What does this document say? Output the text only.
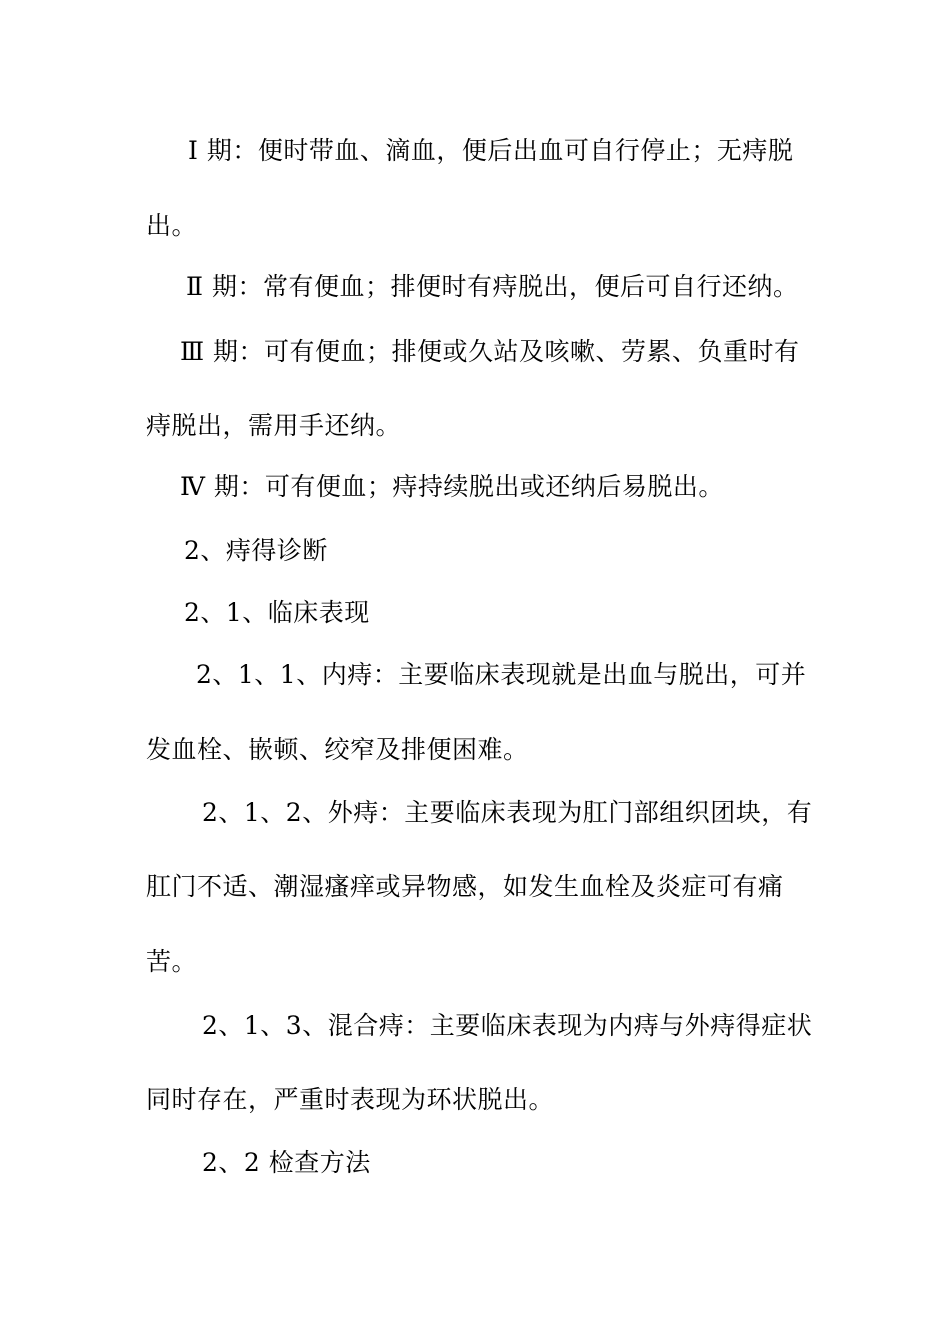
Ⅰ 期：便时带血、滴血，便后出血可自行停止；无痔脱
出。
Ⅱ 期：常有便血；排便时有痔脱出，便后可自行还纳。
Ⅲ 期：可有便血；排便或久站及咳嗽、劳累、负重时有
痔脱出，需用手还纳。
Ⅳ 期：可有便血；痔持续脱出或还纳后易脱出。
2、痔得诊断
2、1、临床表现
2、1、1、内痔：主要临床表现就是出血与脱出，可并
发血栓、嵌顿、绞窄及排便困难。
2、1、2、外痔：主要临床表现为肛门部组织团块，有
肛门不适、潮湿瘙痒或异物感，如发生血栓及炎症可有痛
苦。
2、1、3、混合痔：主要临床表现为内痔与外痔得症状
同时存在，严重时表现为环状脱出。
2、2 检查方法
